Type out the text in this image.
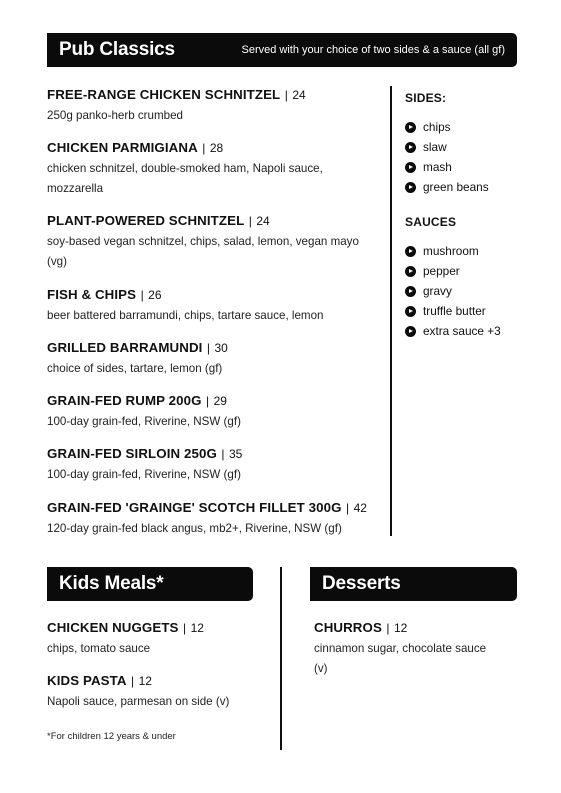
Pub Classics	Served with your choice of two sides & a sauce (all gf)
FREE-RANGE CHICKEN SCHNITZEL | 24
250g panko-herb crumbed
CHICKEN PARMIGIANA | 28
chicken schnitzel, double-smoked ham, Napoli sauce, mozzarella
PLANT-POWERED SCHNITZEL | 24
soy-based vegan schnitzel, chips, salad, lemon, vegan mayo (vg)
FISH & CHIPS | 26
beer battered barramundi, chips, tartare sauce, lemon
GRILLED BARRAMUNDI | 30
choice of sides, tartare, lemon (gf)
GRAIN-FED RUMP 200G | 29
100-day grain-fed, Riverine, NSW (gf)
GRAIN-FED SIRLOIN 250G | 35
100-day grain-fed, Riverine, NSW (gf)
GRAIN-FED 'GRAINGE' SCOTCH FILLET 300G | 42
120-day grain-fed black angus, mb2+, Riverine, NSW (gf)
SIDES:
chips
slaw
mash
green beans
SAUCES
mushroom
pepper
gravy
truffle butter
extra sauce +3
Kids Meals*
CHICKEN NUGGETS | 12
chips, tomato sauce
KIDS PASTA | 12
Napoli sauce, parmesan on side (v)
*For children 12 years & under
Desserts
CHURROS | 12
cinnamon sugar, chocolate sauce (v)
